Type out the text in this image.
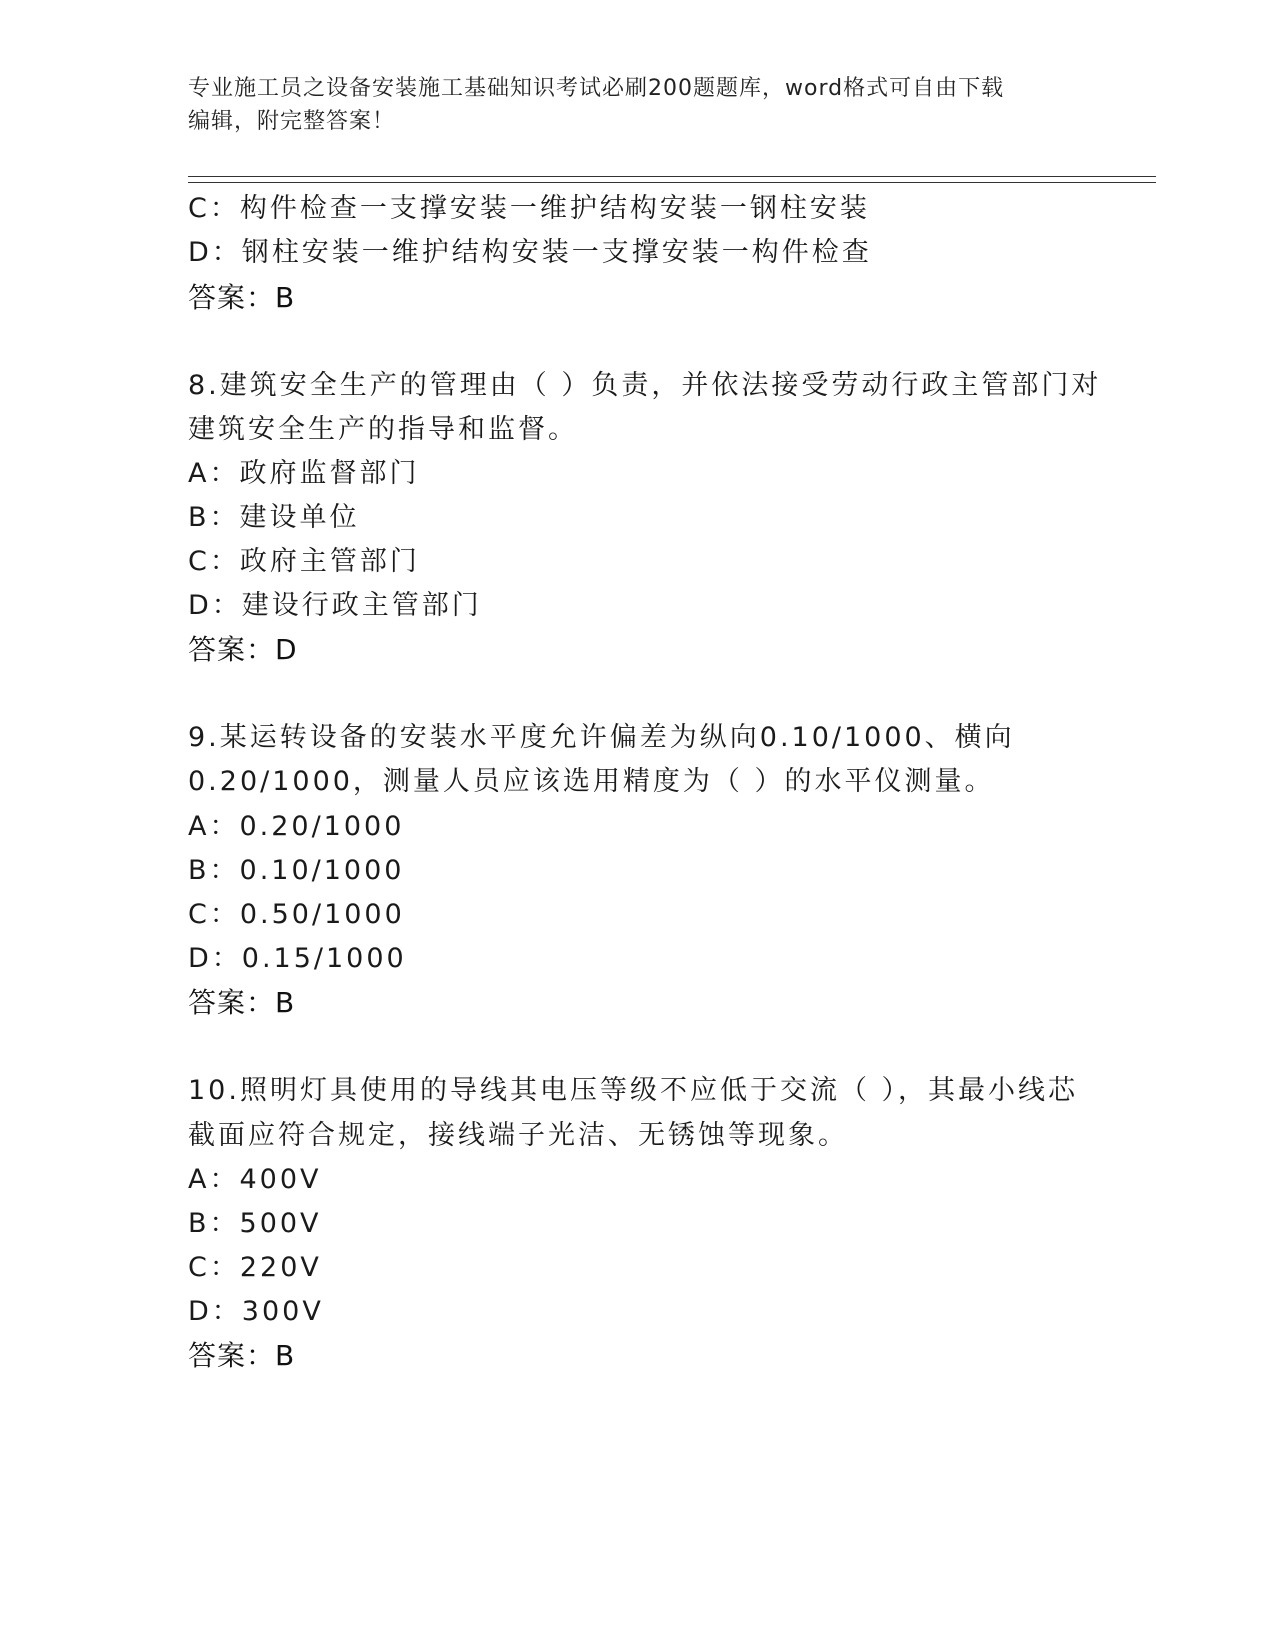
专业施工员之设备安装施工基础知识考试必刷200题题库，word格式可自由下载
编辑，附完整答案！
C：构件检查一支撑安装一维护结构安装一钢柱安装
D：钢柱安装一维护结构安装一支撑安装一构件检查
答案：B
8.建筑安全生产的管理由（ ）负责，并依法接受劳动行政主管部门对
建筑安全生产的指导和监督。
A：政府监督部门
B：建设单位
C：政府主管部门
D：建设行政主管部门
答案：D
9.某运转设备的安装水平度允许偏差为纵向0.10/1000、横向
0.20/1000，测量人员应该选用精度为（ ）的水平仪测量。
A：0.20/1000
B：0.10/1000
C：0.50/1000
D：0.15/1000
答案：B
10.照明灯具使用的导线其电压等级不应低于交流（ ），其最小线芯
截面应符合规定，接线端子光洁、无锈蚀等现象。
A：400V
B：500V
C：220V
D：300V
答案：B
